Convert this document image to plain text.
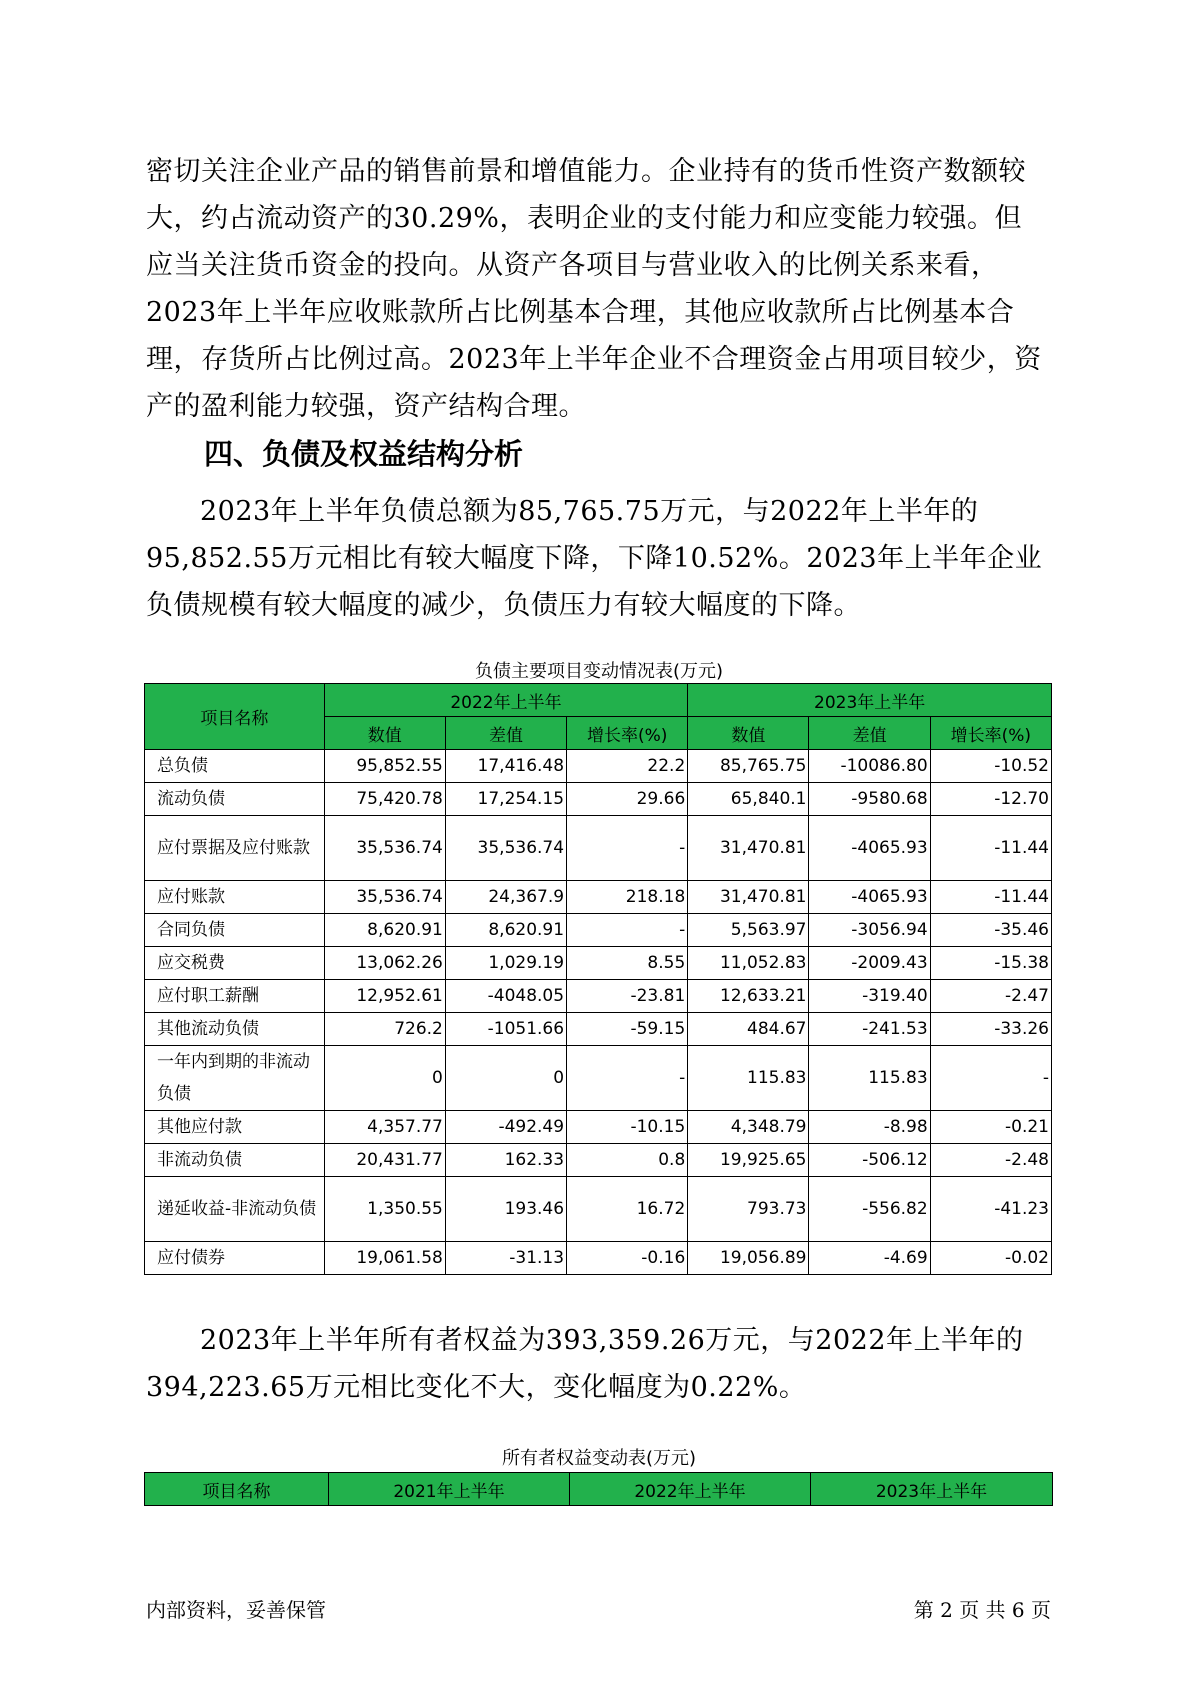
密切关注企业产品的销售前景和增值能力。企业持有的货币性资产数额较大，约占流动资产的30.29%，表明企业的支付能力和应变能力较强。但应当关注货币资金的投向。从资产各项目与营业收入的比例关系来看，2023年上半年应收账款所占比例基本合理，其他应收款所占比例基本合理，存货所占比例过高。2023年上半年企业不合理资金占用项目较少，资产的盈利能力较强，资产结构合理。

四、负债及权益结构分析

2023年上半年负债总额为85,765.75万元，与2022年上半年的95,852.55万元相比有较大幅度下降，下降10.52%。2023年上半年企业负债规模有较大幅度的减少，负债压力有较大幅度的下降。

负债主要项目变动情况表(万元)
项目名称	2022年上半年			2023年上半年		
	数值	差值	增长率(%)	数值	差值	增长率(%)
总负债	95,852.55	17,416.48	22.2	85,765.75	-10086.80	-10.52
流动负债	75,420.78	17,254.15	29.66	65,840.1	-9580.68	-12.70
应付票据及应付账款	35,536.74	35,536.74	-	31,470.81	-4065.93	-11.44
应付账款	35,536.74	24,367.9	218.18	31,470.81	-4065.93	-11.44
合同负债	8,620.91	8,620.91	-	5,563.97	-3056.94	-35.46
应交税费	13,062.26	1,029.19	8.55	11,052.83	-2009.43	-15.38
应付职工薪酬	12,952.61	-4048.05	-23.81	12,633.21	-319.40	-2.47
其他流动负债	726.2	-1051.66	-59.15	484.67	-241.53	-33.26
一年内到期的非流动负债	0	0	-	115.83	115.83	-
其他应付款	4,357.77	-492.49	-10.15	4,348.79	-8.98	-0.21
非流动负债	20,431.77	162.33	0.8	19,925.65	-506.12	-2.48
递延收益-非流动负债	1,350.55	193.46	16.72	793.73	-556.82	-41.23
应付债券	19,061.58	-31.13	-0.16	19,056.89	-4.69	-0.02

2023年上半年所有者权益为393,359.26万元，与2022年上半年的394,223.65万元相比变化不大，变化幅度为0.22%。

所有者权益变动表(万元)
项目名称	2021年上半年	2022年上半年	2023年上半年
内部资料，妥善保管	第 2 页 共 6 页
